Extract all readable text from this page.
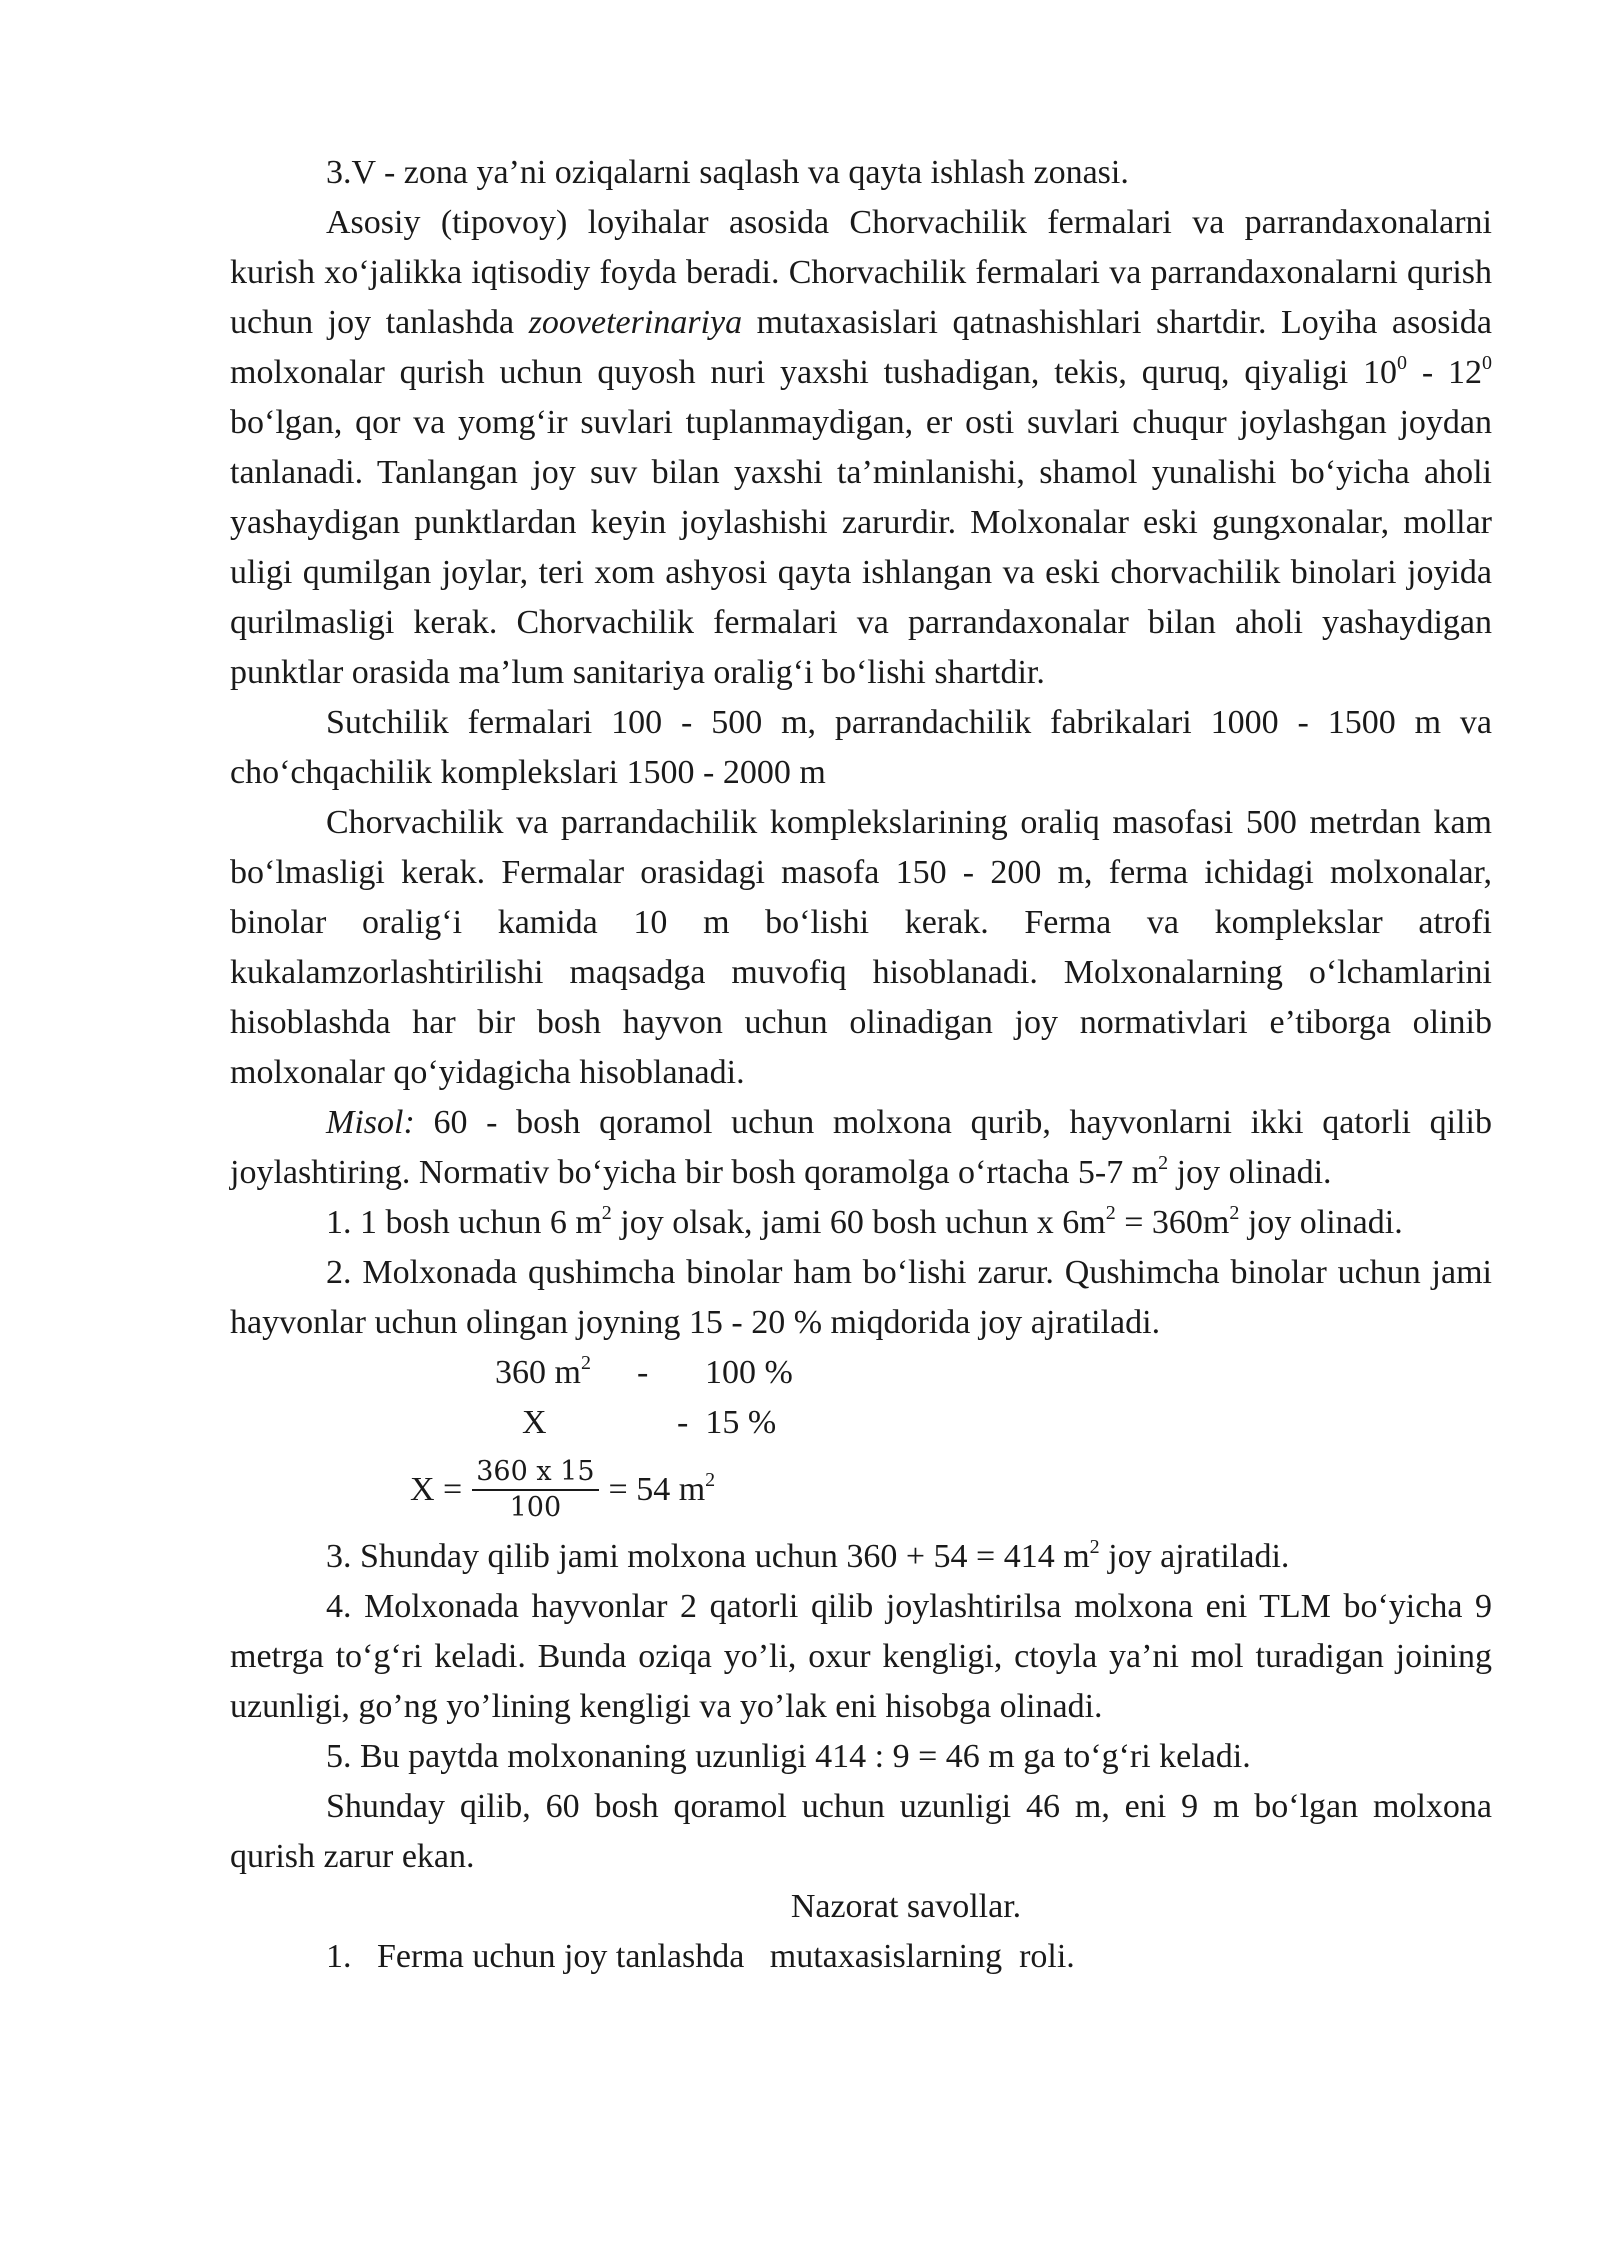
3.V - zona ya’ni oziqalarni saqlash va qayta ishlash zonasi.

Asosiy (tipovoy) loyihalar asosida Chorvachilik fermalari va parrandaxonalarni kurish xo‘jalikka iqtisodiy foyda beradi. Chorvachilik fermalari va parrandaxonalarni qurish uchun joy tanlashda zooveterinariya mutaxasislari qatnashishlari shartdir. Loyiha asosida molxonalar qurish uchun quyosh nuri yaxshi tushadigan, tekis, quruq, qiyaligi $10^0 - 12^0$ bo‘lgan, qor va yomg‘ir suvlari tuplanmaydigan, er osti suvlari chuqur joylashgan joydan tanlanadi. Tanlangan joy suv bilan yaxshi ta’minlanishi, shamol yunalishi bo‘yicha aholi yashaydigan punktlardan keyin joylashishi zarurdir. Molxonalar eski gungxonalar, mollar uligi qumilgan joylar, teri xom ashyosi qayta ishlangan va eski chorvachilik binolari joyida qurilmasligi kerak. Chorvachilik fermalari va parrandaxonalar bilan aholi yashaydigan punktlar orasida ma’lum sanitariya oralig‘i bo‘lishi shartdir.

Sutchilik fermalari 100 - 500 m, parrandachilik fabrikalari 1000 - 1500 m va cho‘chqachilik komplekslari 1500 - 2000 m

Chorvachilik va parrandachilik komplekslarining oraliq masofasi 500 metrdan kam bo‘lmasligi kerak. Fermalar orasidagi masofa 150 - 200 m, ferma ichidagi molxonalar, binolar oralig‘i kamida 10 m bo‘lishi kerak. Ferma va komplekslar atrofi kukalamzorlashtirilishi maqsadga muvofiq hisoblanadi. Molxonalarning o‘lchamlarini hisoblashda har bir bosh hayvon uchun olinadigan joy normativlari e’tiborga olinib molxonalar qo‘yidagicha hisoblanadi.

Misol: 60 - bosh qoramol uchun molxona qurib, hayvonlarni ikki qatorli qilib joylashtiring. Normativ bo‘yicha bir bosh qoramolga o‘rtacha 5-7 $m^2$ joy olinadi.

1. 1 bosh uchun 6 $m^2$ joy olsak, jami 60 bosh uchun x $6m^2 = 360m^2$ joy olinadi.

2. Molxonada qushimcha binolar ham bo‘lishi zarur. Qushimcha binolar uchun jami hayvonlar uchun olingan joyning 15 - 20 % miqdorida joy ajratiladi.

360 $m^2 - 100$ %
X	-  15 %
$X = \frac{360 x 15}{100} = 54$ $m^2$

3. Shunday qilib jami molxona uchun 360 + 54 = 414 $m^2$ joy ajratiladi.

4. Molxonada hayvonlar 2 qatorli qilib joylashtirilsa molxona eni TLM bo‘yicha 9 metrga to‘g‘ri keladi. Bunda oziqa yo’li, oxur kengligi, ctoyla ya’ni mol turadigan joining uzunligi, go’ng yo’lining kengligi va yo’lak eni hisobga olinadi.

5. Bu paytda molxonaning uzunligi 414 : 9 = 46 m ga to‘g‘ri keladi.

Shunday qilib, 60 bosh qoramol uchun uzunligi 46 m, eni 9 m bo‘lgan molxona qurish zarur ekan.

Nazorat savollar.

1.   Ferma uchun joy tanlashda   mutaxasislarning  roli.
